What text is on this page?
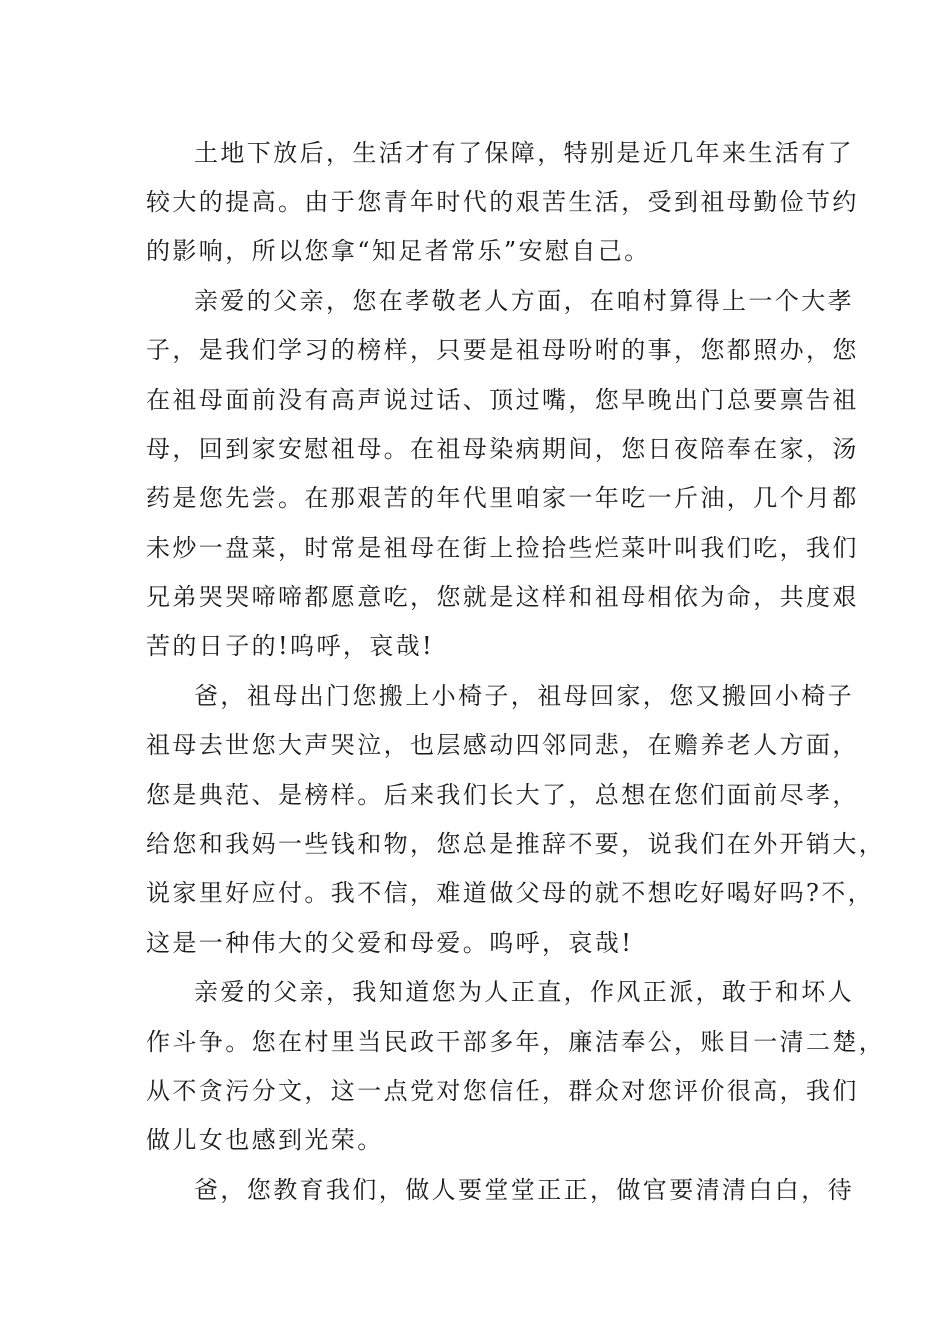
土地下放后，生活才有了保障，特别是近几年来生活有了
较大的提高。由于您青年时代的艰苦生活，受到祖母勤俭节约
的影响，所以您拿“知足者常乐”安慰自己。
亲爱的父亲，您在孝敬老人方面，在咱村算得上一个大孝
子，是我们学习的榜样，只要是祖母吩咐的事，您都照办，您
在祖母面前没有高声说过话、顶过嘴，您早晚出门总要禀告祖
母，回到家安慰祖母。在祖母染病期间，您日夜陪奉在家，汤
药是您先尝。在那艰苦的年代里咱家一年吃一斤油，几个月都
未炒一盘菜，时常是祖母在街上捡拾些烂菜叶叫我们吃，我们
兄弟哭哭啼啼都愿意吃，您就是这样和祖母相依为命，共度艰
苦的日子的!呜呼，哀哉!
爸，祖母出门您搬上小椅子，祖母回家，您又搬回小椅子
祖母去世您大声哭泣，也层感动四邻同悲，在赡养老人方面，
您是典范、是榜样。后来我们长大了，总想在您们面前尽孝，
给您和我妈一些钱和物，您总是推辞不要，说我们在外开销大，
说家里好应付。我不信，难道做父母的就不想吃好喝好吗?不，
这是一种伟大的父爱和母爱。呜呼，哀哉!
亲爱的父亲，我知道您为人正直，作风正派，敢于和坏人
作斗争。您在村里当民政干部多年，廉洁奉公，账目一清二楚，
从不贪污分文，这一点党对您信任，群众对您评价很高，我们
做儿女也感到光荣。
爸，您教育我们，做人要堂堂正正，做官要清清白白，待
